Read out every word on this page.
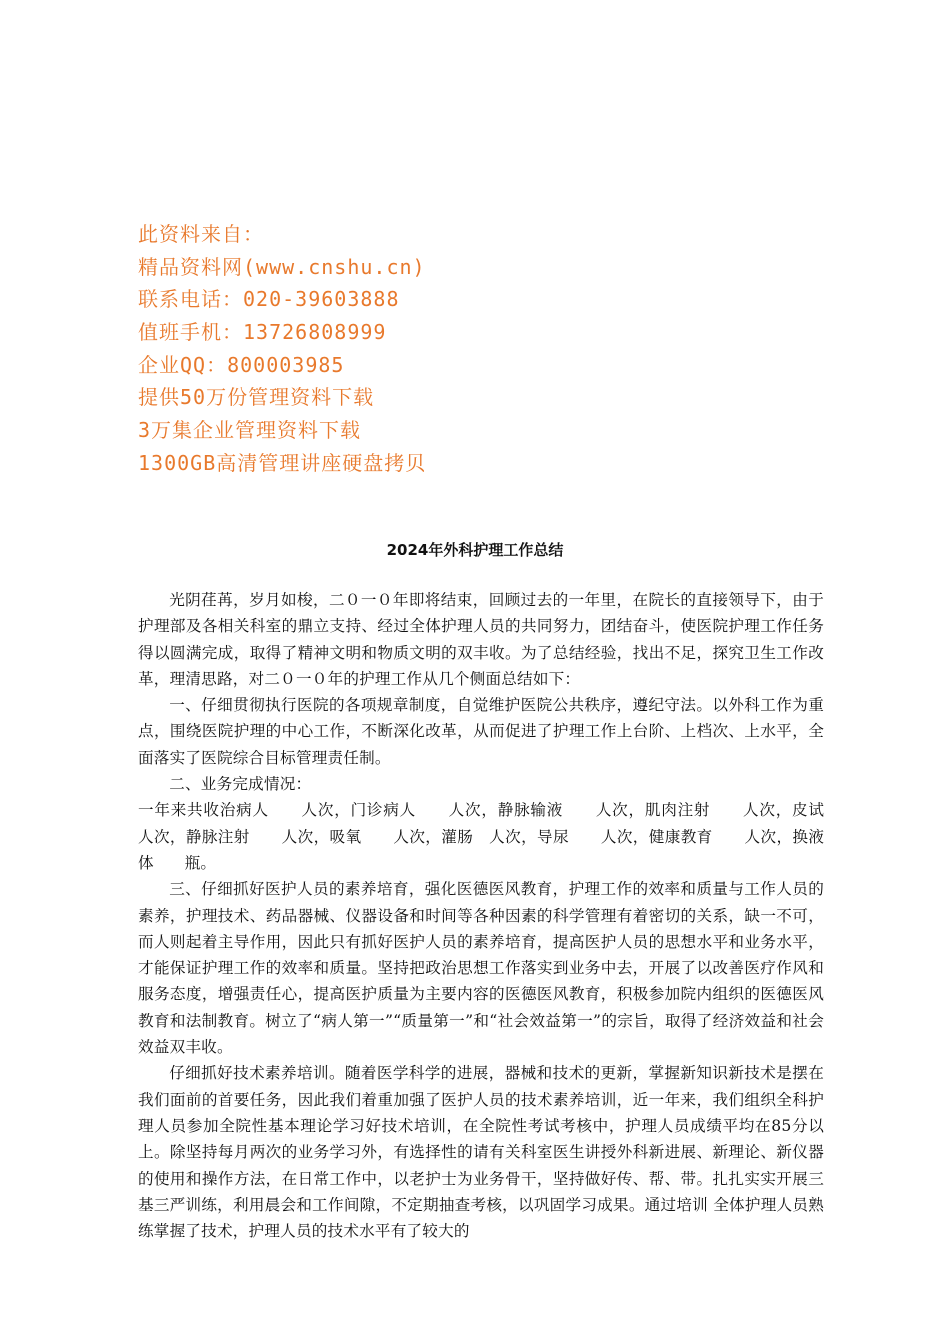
此资料来自：
精品资料网(www.cnshu.cn)
联系电话：020-39603888
值班手机：13726808999
企业QQ：800003985
提供50万份管理资料下载
3万集企业管理资料下载
1300GB高清管理讲座硬盘拷贝
2024年外科护理工作总结

光阴荏苒，岁月如梭，二０一０年即将结束，回顾过去的一年里，在院长的直接领导下，由于护理部及各相关科室的鼎立支持、经过全体护理人员的共同努力，团结奋斗，使医院护理工作任务得以圆满完成，取得了精神文明和物质文明的双丰收。为了总结经验，找出不足，探究卫生工作改革，理清思路，对二０一０年的护理工作从几个侧面总结如下：

一、仔细贯彻执行医院的各项规章制度，自觉维护医院公共秩序，遵纪守法。以外科工作为重点，围绕医院护理的中心工作，不断深化改革，从而促进了护理工作上台阶、上档次、上水平，全面落实了医院综合目标管理责任制。

二、业务完成情况：

一年来共收治病人　　人次，门诊病人　　人次，静脉输液　　人次，肌肉注射　　人次，皮试　　人次，静脉注射　　人次，吸氧　　人次，灌肠　人次，导尿　　人次，健康教育　　人次，换液体　　瓶。

三、仔细抓好医护人员的素养培育，强化医德医风教育，护理工作的效率和质量与工作人员的素养，护理技术、药品器械、仪器设备和时间等各种因素的科学管理有着密切的关系，缺一不可，而人则起着主导作用，因此只有抓好医护人员的素养培育，提高医护人员的思想水平和业务水平，才能保证护理工作的效率和质量。坚持把政治思想工作落实到业务中去，开展了以改善医疗作风和服务态度，增强责任心，提高医护质量为主要内容的医德医风教育，积极参加院内组织的医德医风教育和法制教育。树立了“病人第一”“质量第一”和“社会效益第一”的宗旨，取得了经济效益和社会效益双丰收。

仔细抓好技术素养培训。随着医学科学的进展，器械和技术的更新，掌握新知识新技术是摆在我们面前的首要任务，因此我们着重加强了医护人员的技术素养培训，近一年来，我们组织全科护理人员参加全院性基本理论学习好技术培训，在全院性考试考核中，护理人员成绩平均在85分以上。除坚持每月两次的业务学习外，有选择性的请有关科室医生讲授外科新进展、新理论、新仪器的使用和操作方法，在日常工作中，以老护士为业务骨干，坚持做好传、帮、带。扎扎实实开展三基三严训练，利用晨会和工作间隙，不定期抽查考核，以巩固学习成果。通过培训 全体护理人员熟练掌握了技术，护理人员的技术水平有了较大的
